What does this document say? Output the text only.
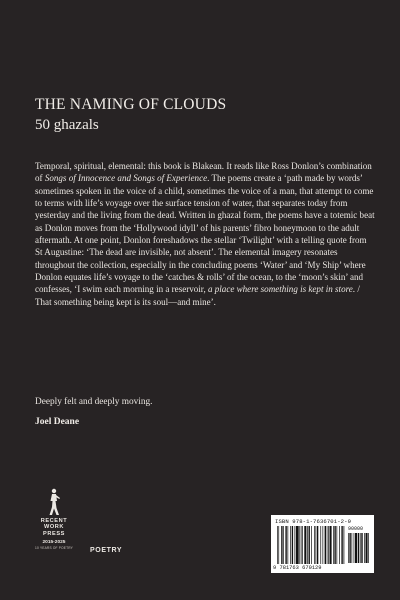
THE NAMING OF CLOUDS
50 ghazals

Temporal, spiritual, elemental: this book is Blakean. It reads like Ross Donlon’s combination of Songs of Innocence and Songs of Experience. The poems create a ‘path made by words’ sometimes spoken in the voice of a child, sometimes the voice of a man, that attempt to come to terms with life’s voyage over the surface tension of water, that separates today from yesterday and the living from the dead. Written in ghazal form, the poems have a totemic beat as Donlon moves from the ‘Hollywood idyll’ of his parents’ fibro honeymoon to the adult aftermath. At one point, Donlon foreshadows the stellar ‘Twilight’ with a telling quote from St Augustine: ‘The dead are invisible, not absent’. The elemental imagery resonates throughout the collection, especially in the concluding poems ‘Water’ and ‘My Ship’ where Donlon equates life’s voyage to the ‘catches & rolls’ of the ocean, to the ‘moon’s skin’ and confesses, ‘I swim each morning in a reservoir, a place where something is kept in store. / That something being kept is its soul—and mine’.

Deeply felt and deeply moving.

Joel Deane

RECENT
WORK
PRESS
2015-2025
10 YEARS OF POETRY	POETRY
ISBN 978-1-7636701-2-9
90000
9 781763 670129
